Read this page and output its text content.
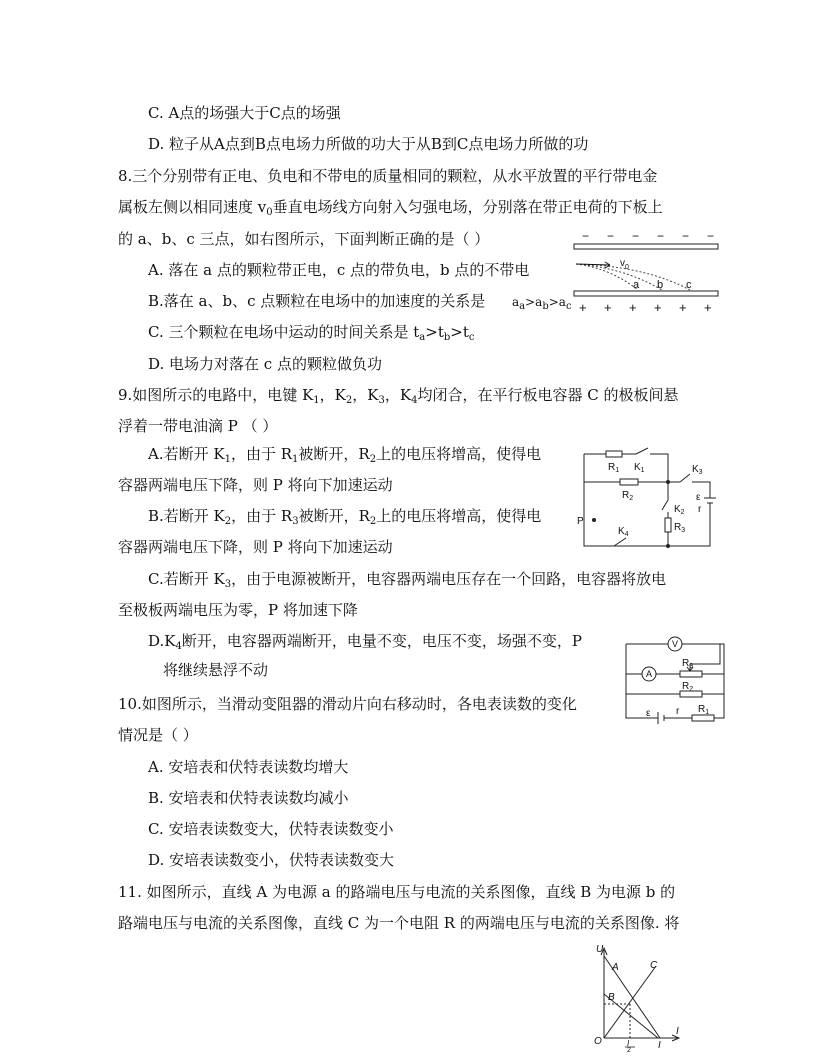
C. A点的场强大于C点的场强
D. 粒子从A点到B点电场力所做的功大于从B到C点电场力所做的功
8.三个分别带有正电、负电和不带电的质量相同的颗粒，从水平放置的平行带电金
属板左侧以相同速度 $v_0$垂直电场线方向射入匀强电场，分别落在带正电荷的下板上
的 a、b、c 三点，如右图所示，下面判断正确的是（ ）
A. 落在 a 点的颗粒带正电，c 点的带负电，b 点的不带电
B.落在 a、b、c 点颗粒在电场中的加速度的关系是 $a_a>a_b>a_c$
C. 三个颗粒在电场中运动的时间关系是 $t_a>t_b>t_c$
D. 电场力对落在 c 点的颗粒做负功
− − − − − −
$v_0$
a b c
+ + + + + +
9.如图所示的电路中，电键 $K_1$，$K_2$，$K_3$，$K_4$均闭合，在平行板电容器 C 的极板间悬
浮着一带电油滴 P （ ）
A.若断开 $K_1$，由于 $R_1$被断开，$R_2$上的电压将增高，使得电
容器两端电压下降，则 P 将向下加速运动
B.若断开 $K_2$，由于 $R_3$被断开，$R_2$上的电压将增高，使得电
容器两端电压下降，则 P 将向下加速运动
C.若断开 $K_3$，由于电源被断开，电容器两端电压存在一个回路，电容器将放电
至极板两端电压为零，P 将加速下降
$D.K_4$断开，电容器两端断开，电量不变，电压不变，场强不变，P
将继续悬浮不动
P
$R_1$ $K_1$
$R_2$
$K_2$
$R_3$
$K_4$
$K_3$
ε
r
10.如图所示，当滑动变阻器的滑动片向右移动时，各电表读数的变化
情况是（ ）
A. 安培表和伏特表读数均增大
B. 安培表和伏特表读数均减小
C. 安培表读数变大，伏特表读数变小
D. 安培表读数变小，伏特表读数变大
V
A
$R_3$
$R_2$
$R_1$
ε	r
11. 如图所示，直线 A 为电源 a 的路端电压与电流的关系图像，直线 B 为电源 b 的
路端电压与电流的关系图像，直线 C 为一个电阻 R 的两端电压与电流的关系图像. 将
U
A
B
C
O
I
I
I
2
